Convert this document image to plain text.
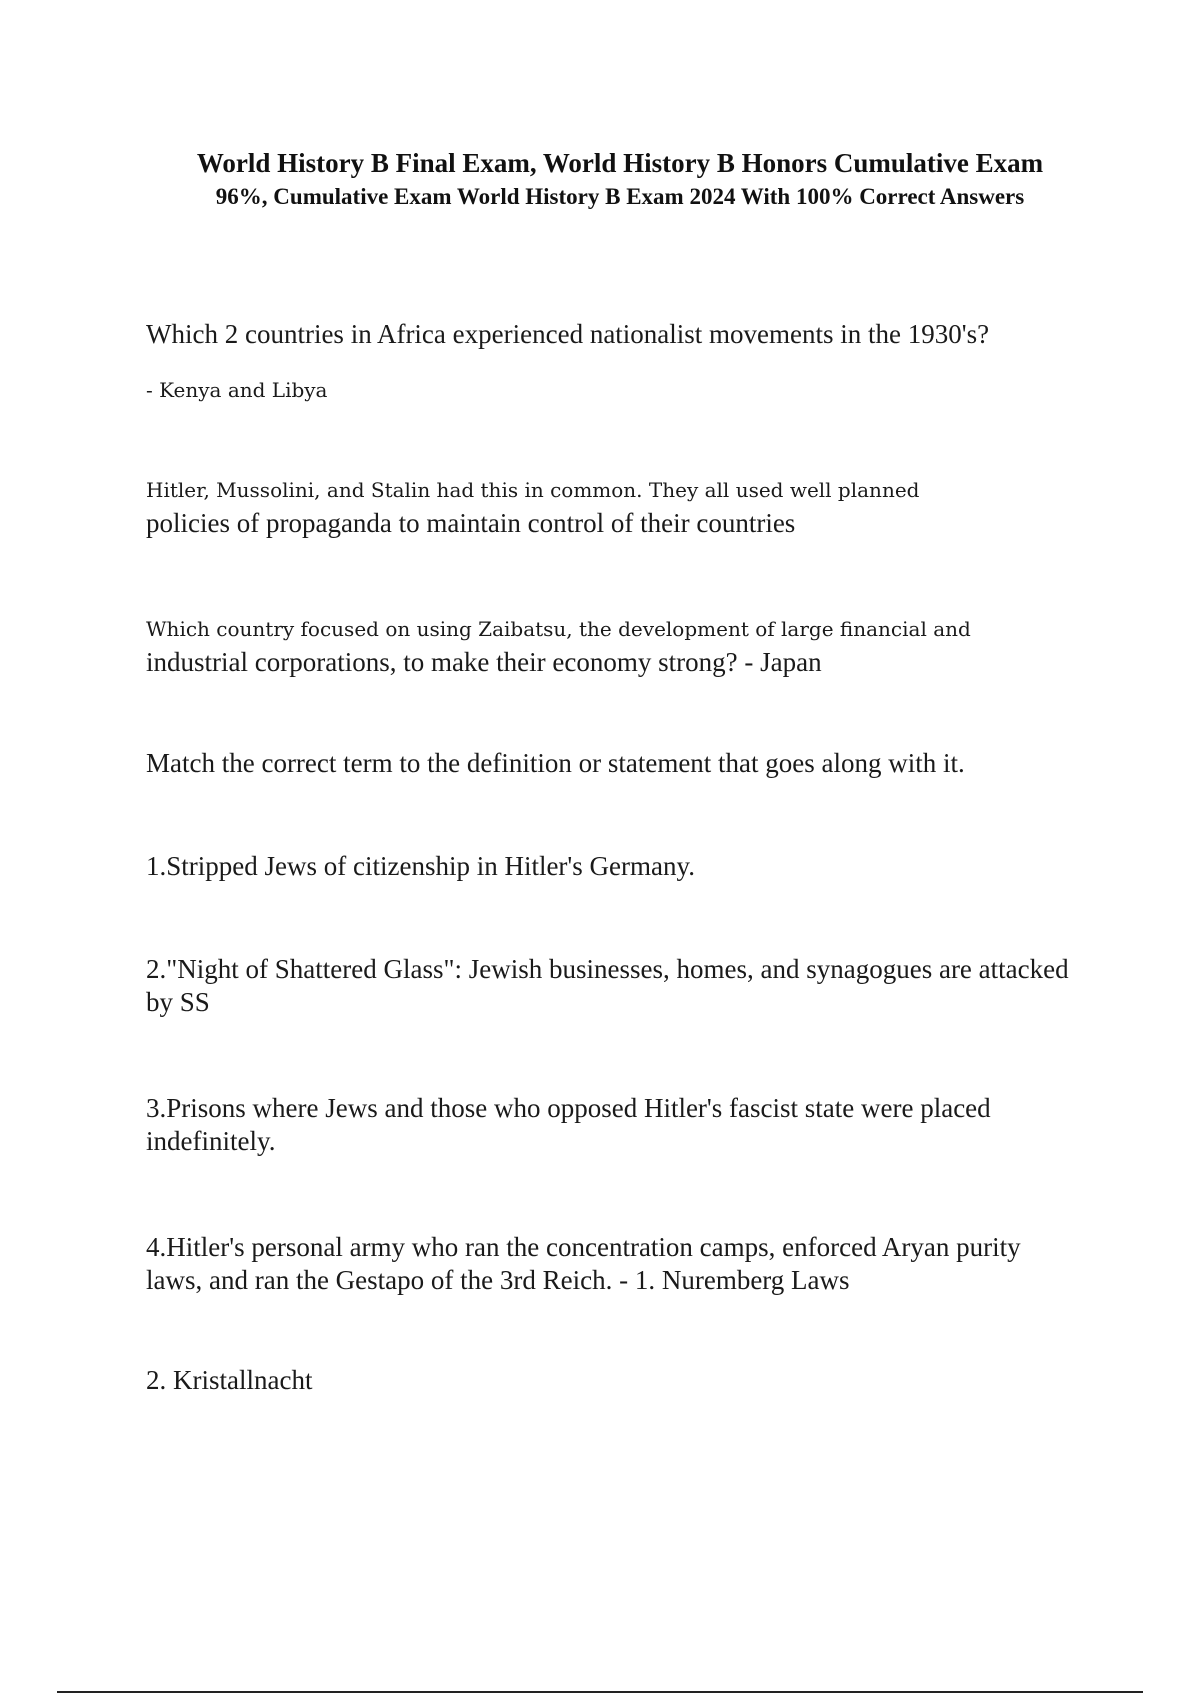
World History B Final Exam, World History B Honors Cumulative Exam
96%, Cumulative Exam World History B Exam 2024 With 100% Correct Answers
Which 2 countries in Africa experienced nationalist movements in the 1930's?
- Kenya and Libya
Hitler, Mussolini, and Stalin had this in common. They all used well planned
policies of propaganda to maintain control of their countries
Which country focused on using Zaibatsu, the development of large financial and
industrial corporations, to make their economy strong? - Japan
Match the correct term to the definition or statement that goes along with it.
1.Stripped Jews of citizenship in Hitler's Germany.
2."Night of Shattered Glass": Jewish businesses, homes, and synagogues are attacked by SS
3.Prisons where Jews and those who opposed Hitler's fascist state were placed indefinitely.
4.Hitler's personal army who ran the concentration camps, enforced Aryan purity laws, and ran the Gestapo of the 3rd Reich. - 1. Nuremberg Laws
2. Kristallnacht
